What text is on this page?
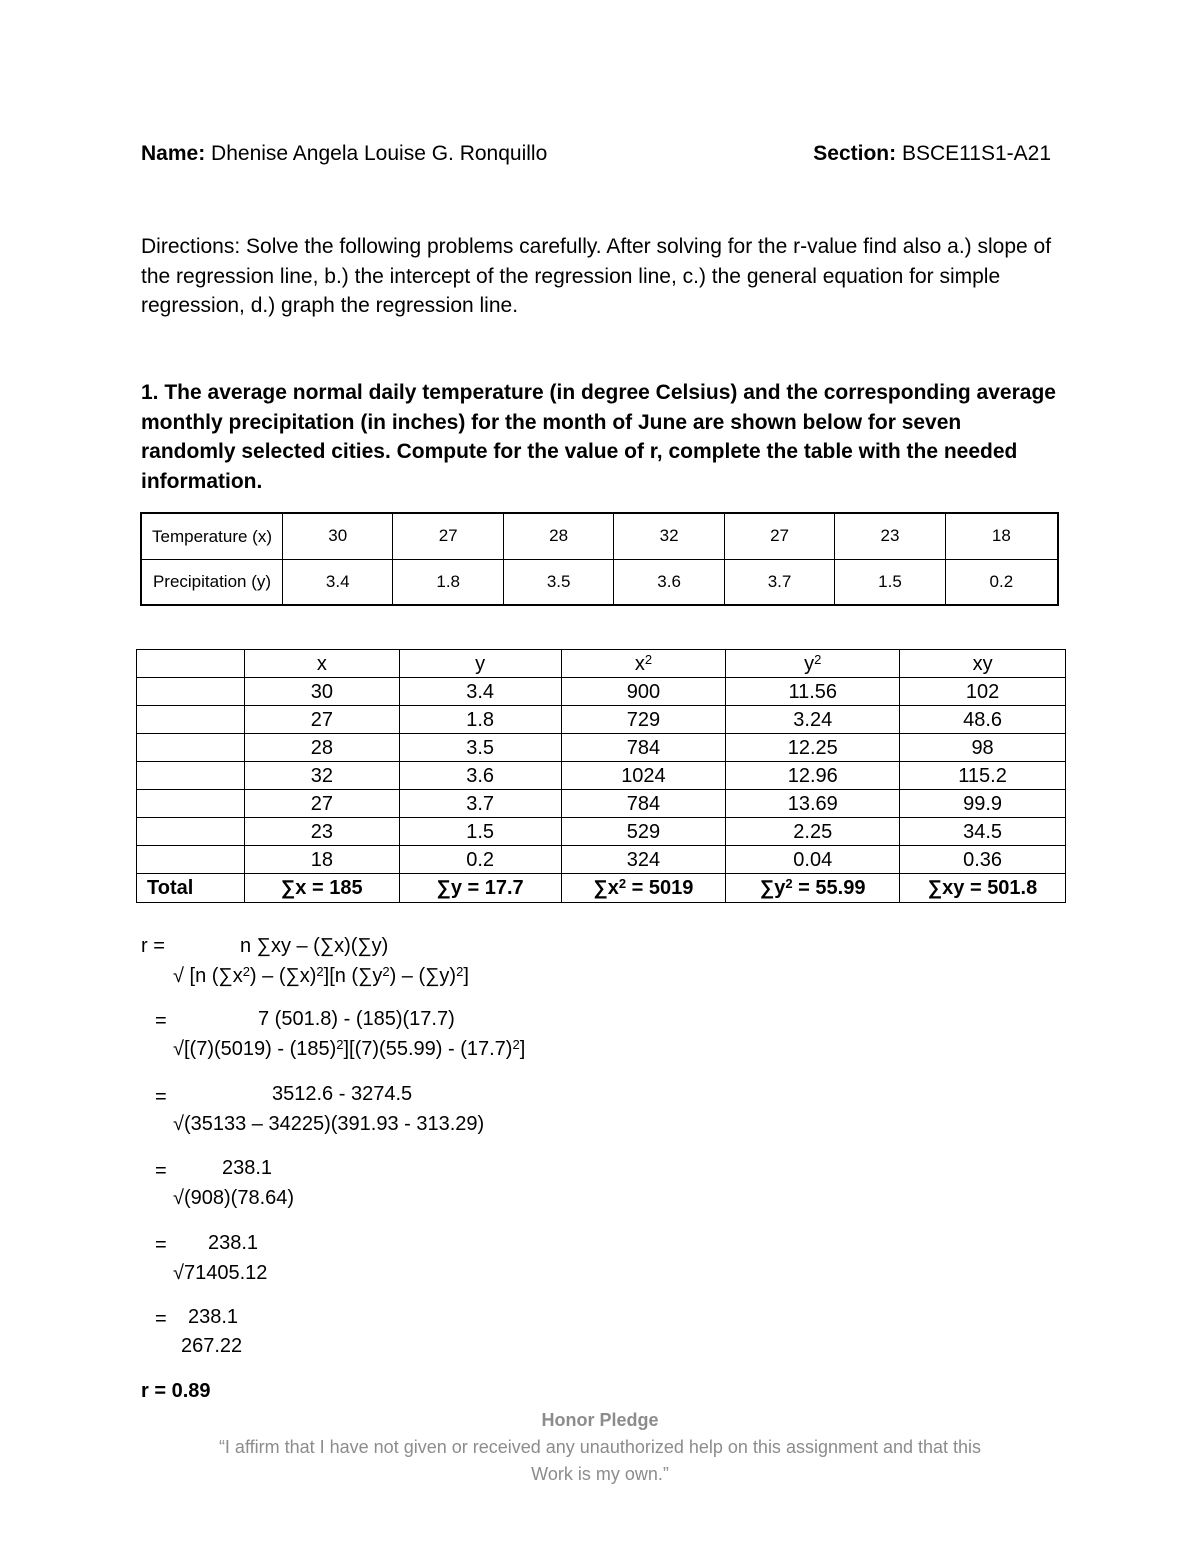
Name: Dhenise Angela Louise G. Ronquillo	Section: BSCE11S1-A21
Directions: Solve the following problems carefully. After solving for the r-value find also a.) slope of the regression line, b.) the intercept of the regression line, c.) the general equation for simple regression, d.) graph the regression line.
1. The average normal daily temperature (in degree Celsius) and the corresponding average monthly precipitation (in inches) for the month of June are shown below for seven randomly selected cities. Compute for the value of r, complete the table with the needed information.
Temperature (x)	30	27	28	32	27	23	18
Precipitation (y)	3.4	1.8	3.5	3.6	3.7	1.5	0.2
	x	y	$x^2$	$y^2$	xy
	30	3.4	900	11.56	102
	27	1.8	729	3.24	48.6
	28	3.5	784	12.25	98
	32	3.6	1024	12.96	115.2
	27	3.7	784	13.69	99.9
	23	1.5	529	2.25	34.5
	18	0.2	324	0.04	0.36
Total	∑x = 185	∑y = 17.7	$\sum x^2 = 5019$	$\sum y^2 = 55.99$	∑xy = 501.8
r =	n ∑xy – (∑x)(∑y)
√ [n $(\sum x^2) - (\sum x)^2][n$ $(\sum y^2) - (\sum y)^2$]
=	7 (501.8) - (185)(17.7)
$√[(7)(5019) - (185)^2][(7)(55.99) - (17.7)^2]$
=	3512.6 - 3274.5
√(35133 – 34225)(391.93 - 313.29)
=	238.1
√(908)(78.64)
= 238.1
√71405.12
= 238.1
267.22
r = 0.89
Honor Pledge
“I affirm that I have not given or received any unauthorized help on this assignment and that this
Work is my own.”
